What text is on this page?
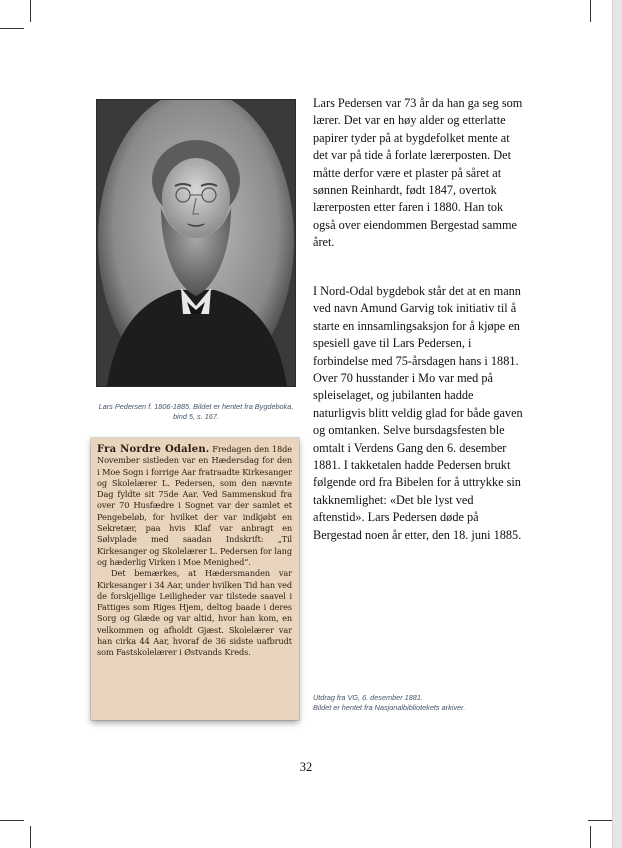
Lars Pedersen f. 1806-1885. Bildet er hentet fra Bygdeboka, bind 5, s. 167.

Fra Nordre Odalen. Fredagen den 18de November sistleden var en Hædersdag for den i Moe Sogn i forrige Aar fratraadte Kirkesanger og Skolelærer L. Pedersen, som den nævnte Dag fyldte sit 75de Aar. Ved Sammenskud fra over 70 Husfædre i Sognet var der samlet et Pengebeløb, for hvilket der var indkjøbt en Sekretær, paa hvis Klaf var anbragt en Sølvplade med saadan Indskrift: „Til Kirkesanger og Skolelærer L. Pedersen for lang og hæderlig Virken i Moe Menighed“.

Det bemærkes, at Hædersmanden var Kirkesanger i 34 Aar, under hvilken Tid han ved de forskjellige Leiligheder var tilstede saavel i Fattiges som Riges Hjem, deltog baade i deres Sorg og Glæde og var altid, hvor han kom, en velkommen og afholdt Gjæst. Skolelærer var han cirka 44 Aar, hvoraf de 36 sidste uafbrudt som Fastskolelærer i Østvands Kreds.

Utdrag fra VG, 6. desember 1881.
Bildet er hentet fra Nasjonalbibliotekets arkiver.

Lars Pedersen var 73 år da han ga seg som lærer. Det var en høy alder og etterlatte papirer tyder på at bygdefolket mente at det var på tide å forlate lærerposten. Det måtte derfor være et plaster på såret at sønnen Reinhardt, født 1847, overtok lærerposten etter faren i 1880. Han tok også over eiendommen Bergestad samme året.

I Nord-Odal bygdebok står det at en mann ved navn Amund Garvig tok initiativ til å starte en innsamlingsaksjon for å kjøpe en spesiell gave til Lars Pedersen, i forbindelse med 75-årsdagen hans i 1881. Over 70 husstander i Mo var med på spleiselaget, og jubilanten hadde naturligvis blitt veldig glad for både gaven og omtanken. Selve bursdagsfesten ble omtalt i Verdens Gang den 6. desember 1881. I takketalen hadde Pedersen brukt følgende ord fra Bibelen for å uttrykke sin takknemlighet: «Det ble lyst ved aftenstid». Lars Pedersen døde på Bergestad noen år etter, den 18. juni 1885.

32
